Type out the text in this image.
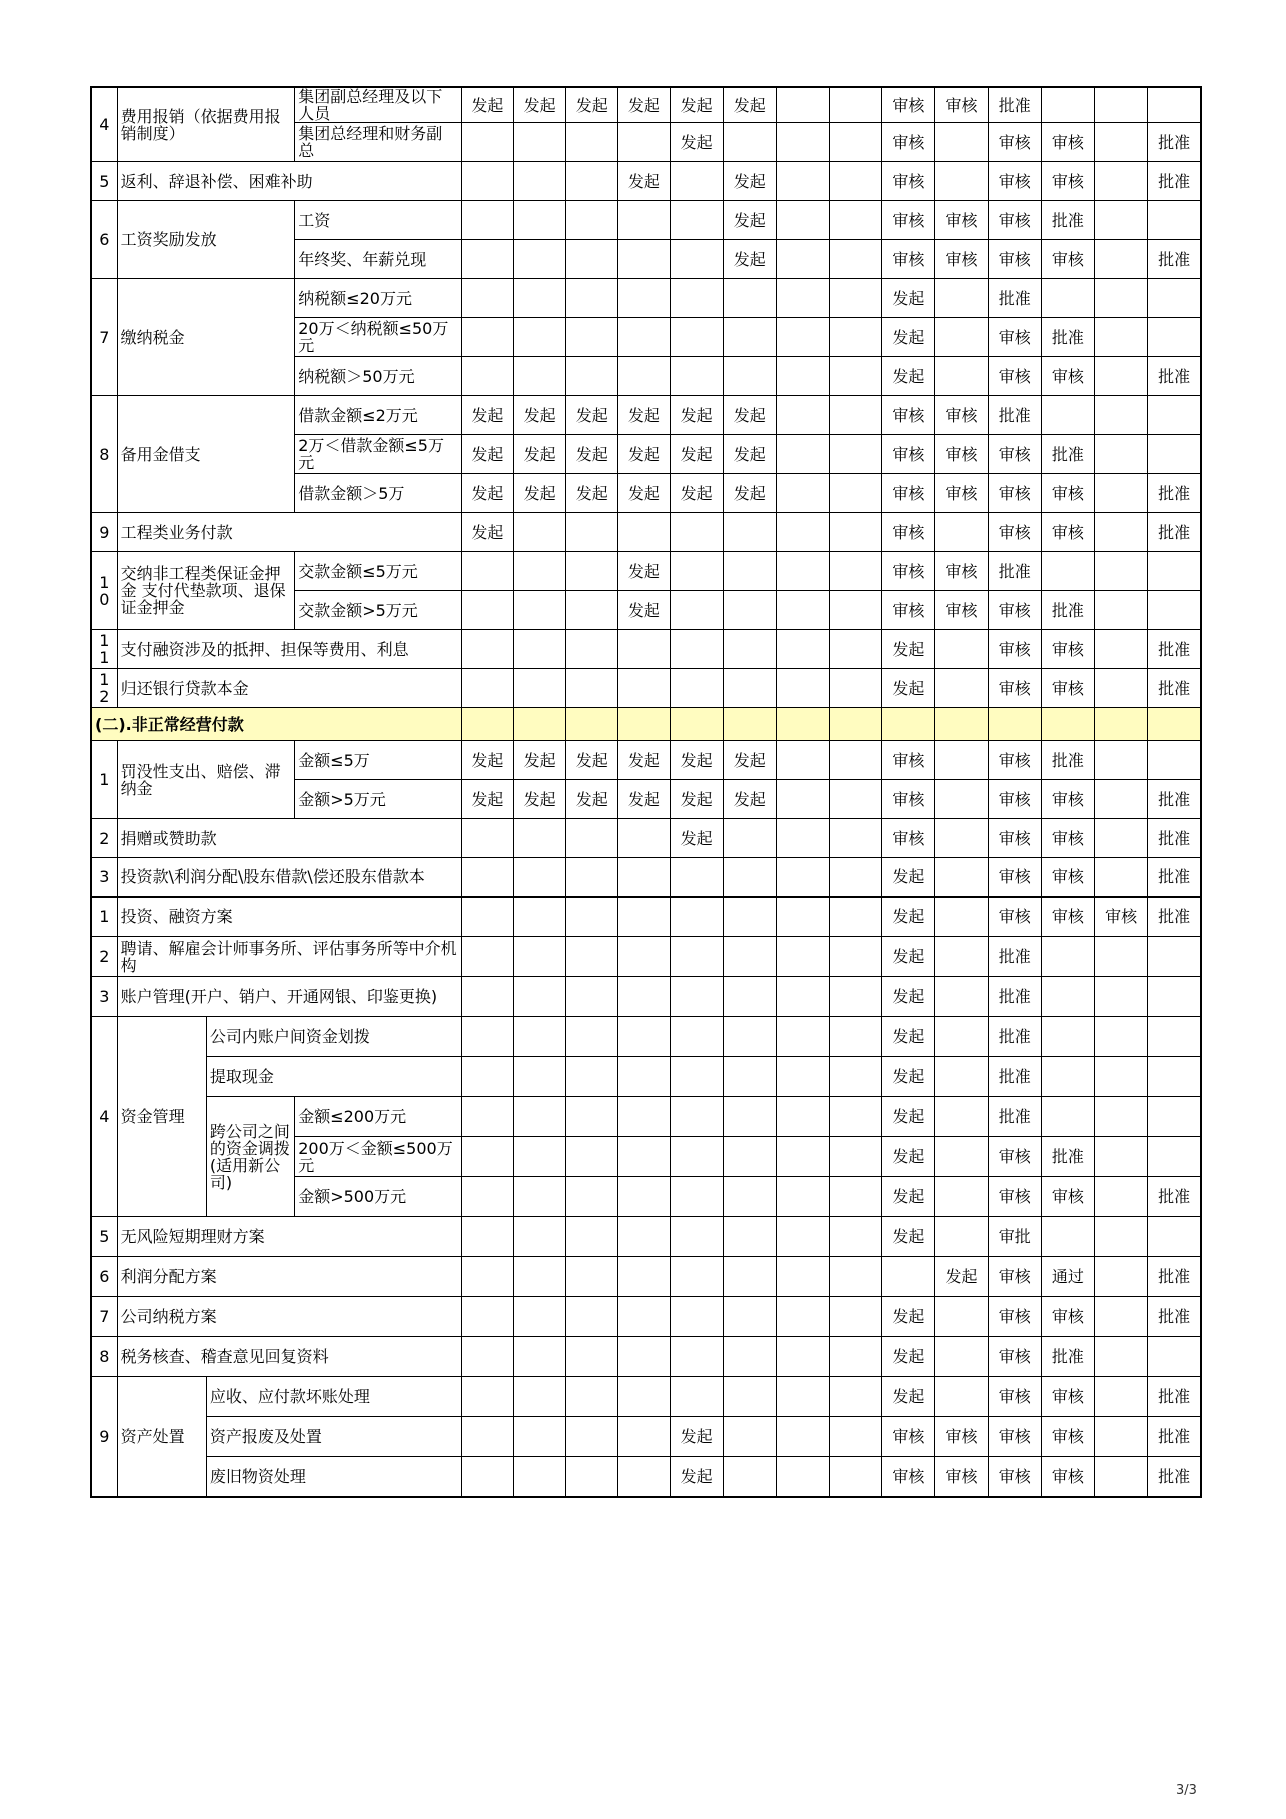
4	费用报销（依据费用报销制度）		集团副总经理及以下人员	发起	发起	发起	发起	发起	发起			审核	审核	批准			
			集团总经理和财务副总					发起				审核		审核	审核		批准
5	返利、辞退补偿、困难补助						发起		发起			审核		审核	审核		批准
6	工资奖励发放		工资						发起			审核	审核	审核	批准		
			年终奖、年薪兑现						发起			审核	审核	审核	审核		批准
7	缴纳税金		纳税额≤20万元									发起		批准			
			20万＜纳税额≤50万元									发起		审核	批准		
			纳税额＞50万元									发起		审核	审核		批准
8	备用金借支		借款金额≤2万元	发起	发起	发起	发起	发起	发起			审核	审核	批准			
			2万＜借款金额≤5万元	发起	发起	发起	发起	发起	发起			审核	审核	审核	批准		
			借款金额＞5万	发起	发起	发起	发起	发起	发起			审核	审核	审核	审核		批准
9	工程类业务付款			发起								审核		审核	审核		批准
10	交纳非工程类保证金押金 支付代垫款项、退保证金押金		交款金额≤5万元				发起					审核	审核	批准			
			交款金额>5万元				发起					审核	审核	审核	批准		
11	支付融资涉及的抵押、担保等费用、利息											发起		审核	审核		批准
12	归还银行贷款本金											发起		审核	审核		批准
(二).非正常经营付款																	
1	罚没性支出、赔偿、滞纳金		金额≤5万	发起	发起	发起	发起	发起	发起			审核		审核	批准		
			金额>5万元	发起	发起	发起	发起	发起	发起			审核		审核	审核		批准
2	捐赠或赞助款							发起				审核		审核	审核		批准
3	投资款\利润分配\股东借款\偿还股东借款本											发起		审核	审核		批准
1	投资、融资方案											发起		审核	审核	审核	批准
2	聘请、解雇会计师事务所、评估事务所等中介机构											发起		批准			
3	账户管理(开户、销户、开通网银、印鉴更换)											发起		批准			
4	资金管理	公司内账户间资金划拨										发起		批准			
		提取现金										发起		批准			
		跨公司之间的资金调拨(适用新公司)	金额≤200万元									发起		批准			
			200万＜金额≤500万元									发起		审核	批准		
			金额>500万元									发起		审核	审核		批准
5	无风险短期理财方案											发起		审批			
6	利润分配方案												发起	审核	通过		批准
7	公司纳税方案											发起		审核	审核		批准
8	税务核查、稽查意见回复资料											发起		审核	批准		
9	资产处置	应收、应付款坏账处理										发起		审核	审核		批准
		资产报废及处置						发起				审核	审核	审核	审核		批准
		废旧物资处理						发起				审核	审核	审核	审核		批准
3/3
